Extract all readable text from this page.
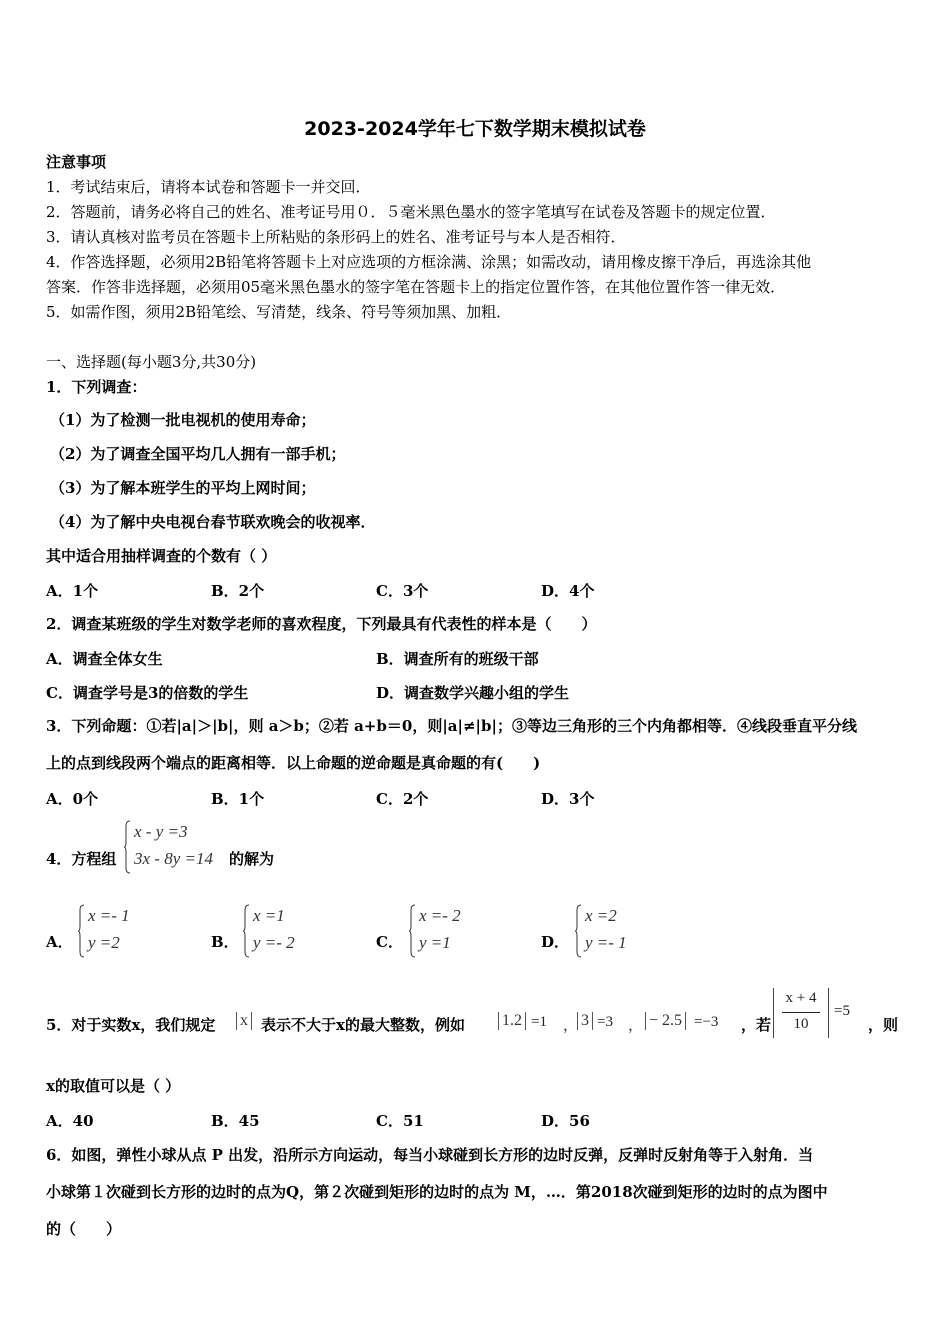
2023-2024学年七下数学期末模拟试卷
注意事项
1．考试结束后，请将本试卷和答题卡一并交回．
2．答题前，请务必将自己的姓名、准考证号用０．５毫米黑色墨水的签字笔填写在试卷及答题卡的规定位置．
3．请认真核对监考员在答题卡上所粘贴的条形码上的姓名、准考证号与本人是否相符．
4．作答选择题，必须用2B铅笔将答题卡上对应选项的方框涂满、涂黑；如需改动，请用橡皮擦干净后，再选涂其他
答案．作答非选择题，必须用05毫米黑色墨水的签字笔在答题卡上的指定位置作答，在其他位置作答一律无效．
5．如需作图，须用2B铅笔绘、写清楚，线条、符号等须加黑、加粗．
一、选择题(每小题3分,共30分)
1．下列调查：
（1）为了检测一批电视机的使用寿命；
（2）为了调查全国平均几人拥有一部手机；
（3）为了解本班学生的平均上网时间；
（4）为了解中央电视台春节联欢晚会的收视率．
其中适合用抽样调查的个数有（ ）
A．1个	B．2个	C．3个	D．4个
2．调查某班级的学生对数学老师的喜欢程度，下列最具有代表性的样本是（　　）
A．调查全体女生	B．调查所有的班级干部
C．调查学号是3的倍数的学生	D．调查数学兴趣小组的学生
3．下列命题：①若|a|＞|b|，则 a＞b；②若 a+b＝0，则|a|≠|b|；③等边三角形的三个内角都相等．④线段垂直平分线
上的点到线段两个端点的距离相等．以上命题的逆命题是真命题的有(　　)
A．0个	B．1个	C．2个	D．3个
4．方程组
x - y =3
3x - 8y =14 的解为
A．
x =- 1
y =2	B．
x =1
y =- 2	C．
x =- 2
y =1	D．
x =2
y =- 1
5．对于实数x，我们规定 x 表示不大于x的最大整数，例如 1.2 =1 ， 3 =3 ， − 2.5 =−3 ，若
x + 4
10
=5
，则
x的取值可以是（ ）
A．40	B．45	C．51	D．56
6．如图，弹性小球从点 P 出发，沿所示方向运动，每当小球碰到长方形的边时反弹，反弹时反射角等于入射角．当
小球第１次碰到长方形的边时的点为Q，第２次碰到矩形的边时的点为 M，…．第2018次碰到矩形的边时的点为图中
的（　　）
